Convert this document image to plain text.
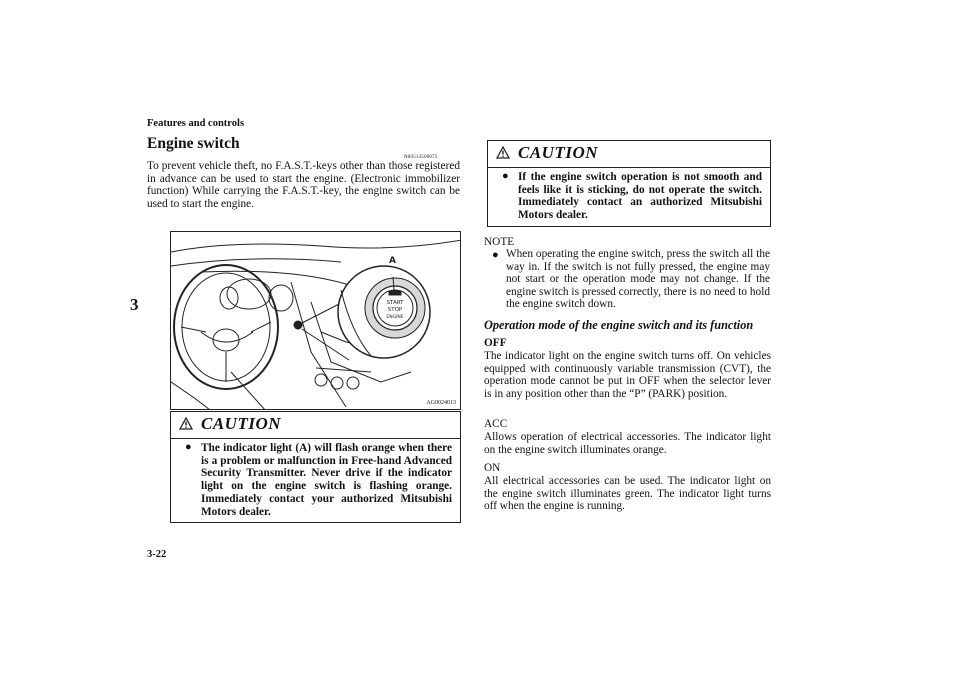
Features and controls
3
3-22
Engine switch
N00513500075
To prevent vehicle theft, no F.A.S.T.-keys other than those registered in advance can be used to start the engine. (Electronic immobilizer function) While carrying the F.A.S.T.-key, the engine switch can be used to start the engine.
A
START
STOP
ENGINE
AG0024013
CAUTION
● The indicator light (A) will flash orange when there is a problem or malfunction in Free-hand Advanced Security Transmitter. Never drive if the indicator light on the engine switch is flashing orange. Immediately contact your authorized Mitsubishi Motors dealer.
CAUTION
● If the engine switch operation is not smooth and feels like it is sticking, do not operate the switch. Immediately contact an authorized Mitsubishi Motors dealer.
NOTE
● When operating the engine switch, press the switch all the way in. If the switch is not fully pressed, the engine may not start or the operation mode may not change. If the engine switch is pressed correctly, there is no need to hold the engine switch down.
Operation mode of the engine switch and its function
OFF
The indicator light on the engine switch turns off. On vehicles equipped with continuously variable transmission (CVT), the operation mode cannot be put in OFF when the selector lever is in any position other than the “P” (PARK) position.
ACC
Allows operation of electrical accessories. The indicator light on the engine switch illuminates orange.
ON
All electrical accessories can be used. The indicator light on the engine switch illuminates green. The indicator light turns off when the engine is running.
